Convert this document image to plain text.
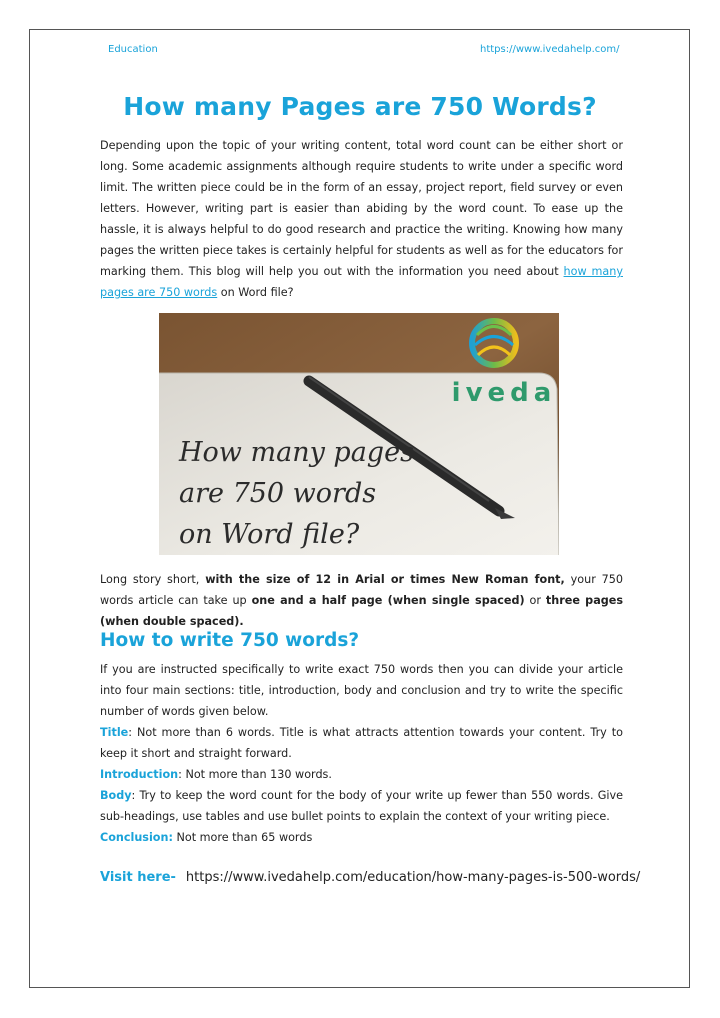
Education	https://www.ivedahelp.com/
How many Pages are 750 Words?

Depending upon the topic of your writing content, total word count can be either short or long. Some academic assignments although require students to write under a specific word limit. The written piece could be in the form of an essay, project report, field survey or even letters. However, writing part is easier than abiding by the word count. To ease up the hassle, it is always helpful to do good research and practice the writing. Knowing how many pages the written piece takes is certainly helpful for students as well as for the educators for marking them. This blog will help you out with the information you need about how many pages are 750 words on Word file?

iveda
How many pages
are 750 words
on Word file?

Long story short, with the size of 12 in Arial or times New Roman font, your 750 words article can take up one and a half page (when single spaced) or three pages (when double spaced).

How to write 750 words?

If you are instructed specifically to write exact 750 words then you can divide your article into four main sections: title, introduction, body and conclusion and try to write the specific number of words given below.

Title: Not more than 6 words. Title is what attracts attention towards your content. Try to keep it short and straight forward.

Introduction: Not more than 130 words.

Body: Try to keep the word count for the body of your write up fewer than 550 words. Give sub-headings, use tables and use bullet points to explain the context of your writing piece.

Conclusion: Not more than 65 words

Visit here- https://www.ivedahelp.com/education/how-many-pages-is-500-words/
